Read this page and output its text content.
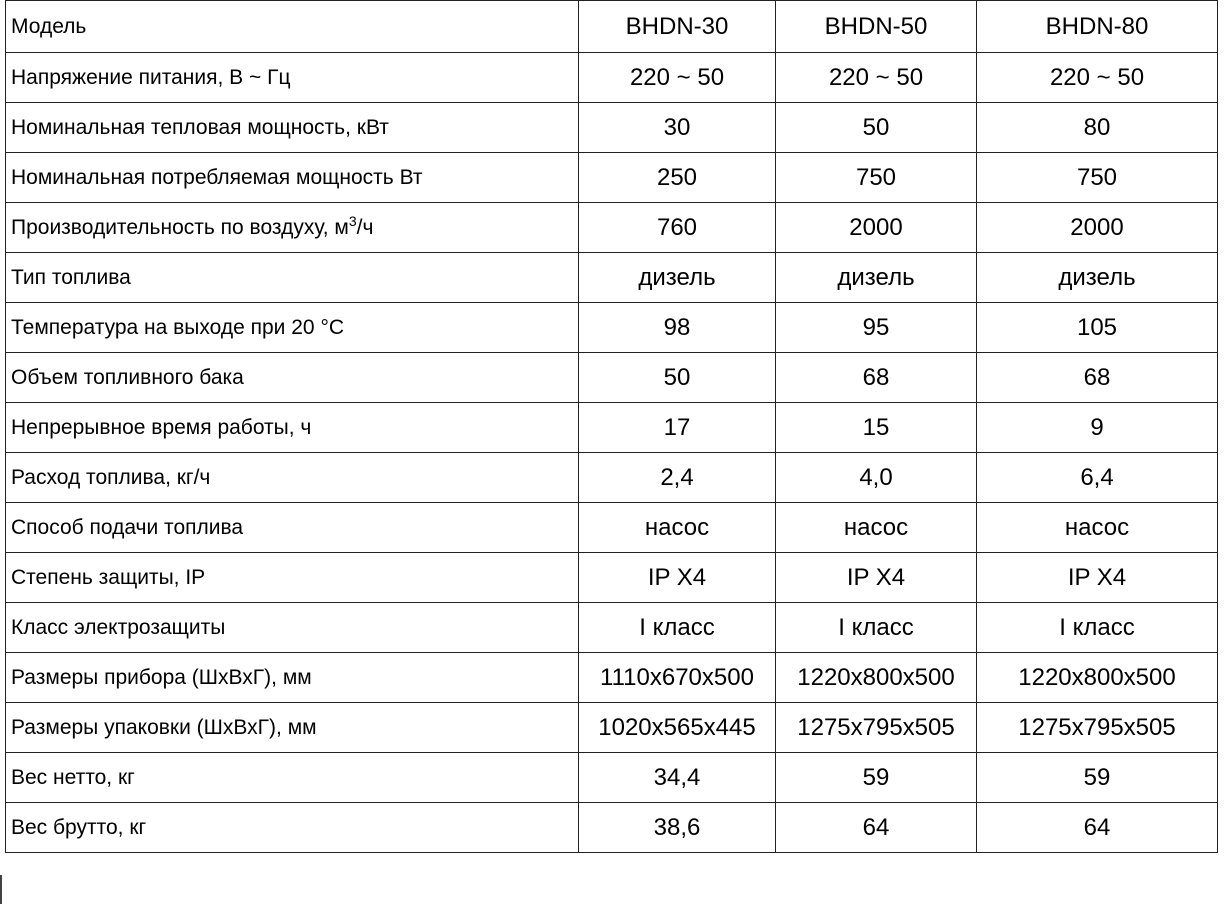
Модель	BHDN-30	BHDN-50	BHDN-80
Напряжение питания, В ~ Гц	220 ~ 50	220 ~ 50	220 ~ 50
Номинальная тепловая мощность, кВт	30	50	80
Номинальная потребляемая мощность Вт	250	750	750
Производительность по воздуху, $м^3/ч$	760	2000	2000
Тип топлива	дизель	дизель	дизель
Температура на выходе при 20 °С	98	95	105
Объем топливного бака	50	68	68
Непрерывное время работы, ч	17	15	9
Расход топлива, кг/ч	2,4	4,0	6,4
Способ подачи топлива	насос	насос	насос
Степень защиты, IP	IP X4	IP X4	IP X4
Класс электрозащиты	I класс	I класс	I класс
Размеры прибора (ШхВхГ), мм	1110х670х500	1220х800х500	1220х800х500
Размеры упаковки (ШхВхГ), мм	1020х565х445	1275х795х505	1275х795х505
Вес нетто, кг	34,4	59	59
Вес брутто, кг	38,6	64	64
